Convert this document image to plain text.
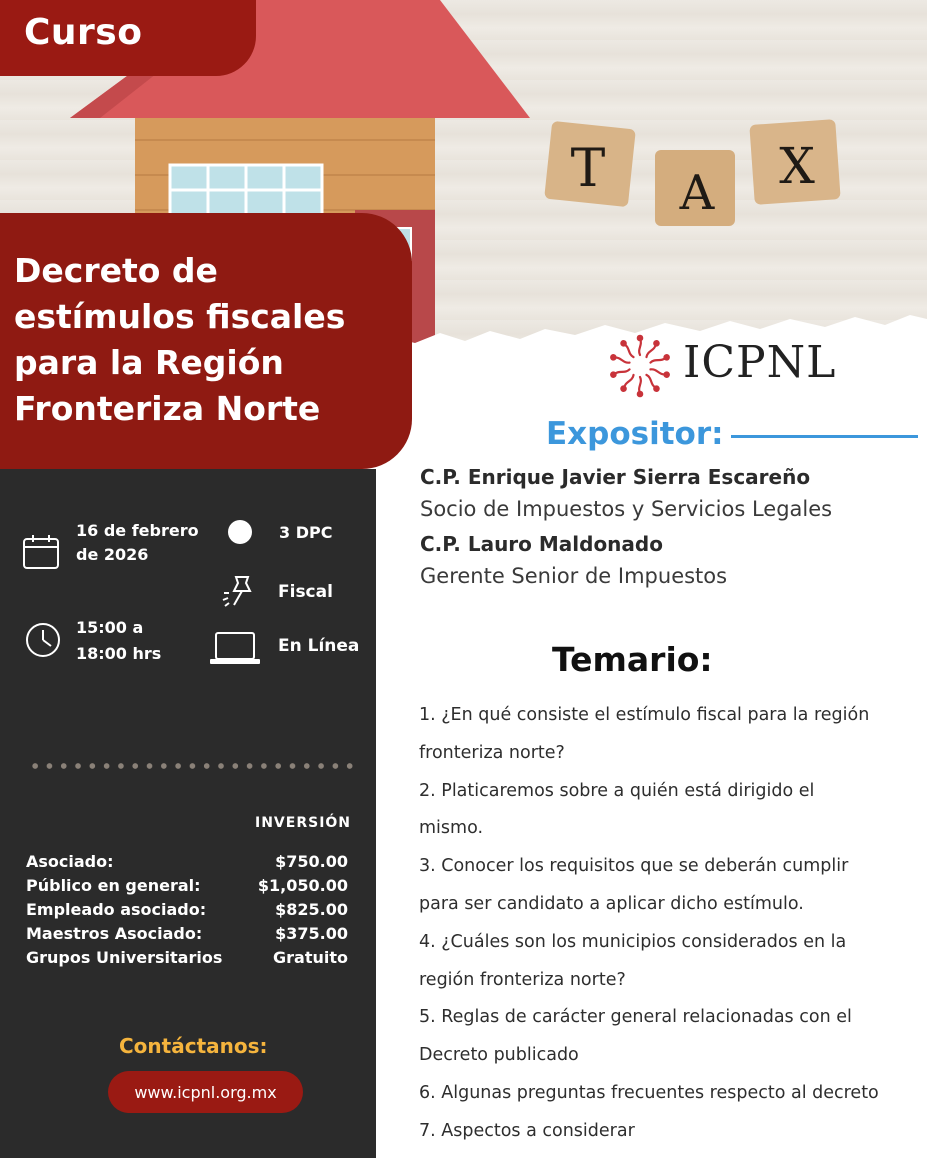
T A X
Curso
Decreto de
estímulos fiscales
para la Región
Fronteriza Norte
16 de febrero
de 2026
3 DPC
Fiscal
15:00 a
18:00 hrs	En Línea
INVERSIÓN
Asociado:	$750.00
Público en general:	$1,050.00
Empleado asociado:	$825.00
Maestros Asociado:	$375.00
Grupos Universitarios	Gratuito
Contáctanos:
www.icpnl.org.mx
ICPNL
Expositor:
C.P. Enrique Javier Sierra Escareño
Socio de Impuestos y Servicios Legales
C.P. Lauro Maldonado
Gerente Senior de Impuestos
Temario:
1. ¿En qué consiste el estímulo fiscal para la región
fronteriza norte?
2. Platicaremos sobre a quién está dirigido el
mismo.
3. Conocer los requisitos que se deberán cumplir
para ser candidato a aplicar dicho estímulo.
4. ¿Cuáles son los municipios considerados en la
región fronteriza norte?
5. Reglas de carácter general relacionadas con el
Decreto publicado
6. Algunas preguntas frecuentes respecto al decreto
7. Aspectos a considerar
